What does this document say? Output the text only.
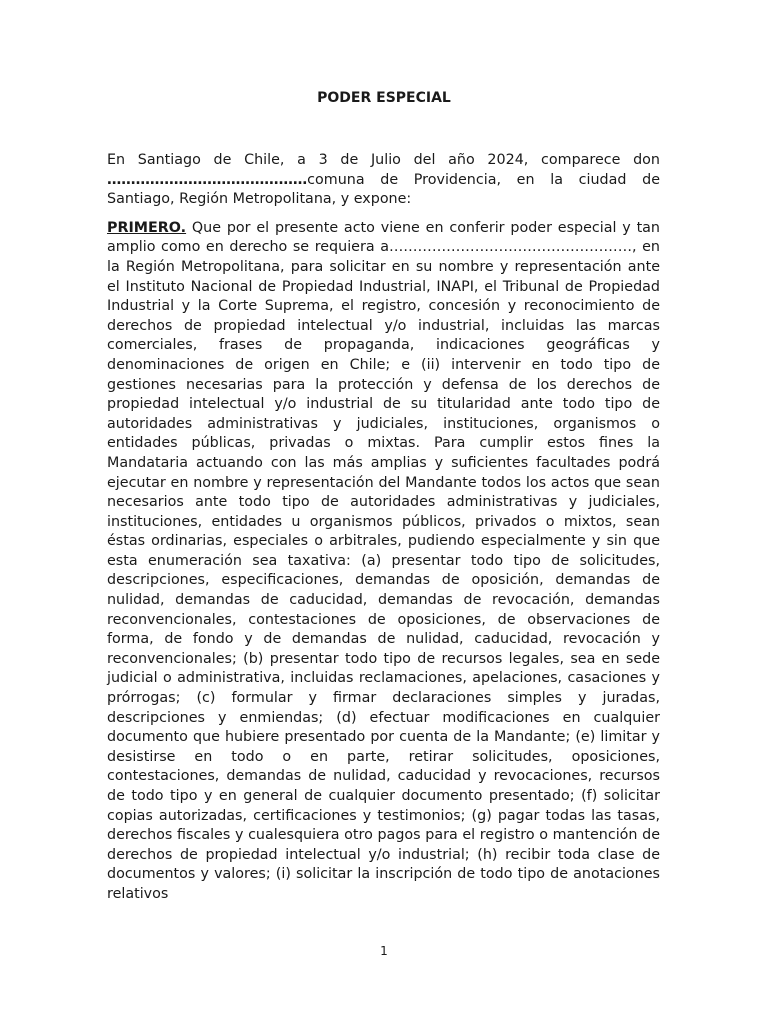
PODER ESPECIAL

En Santiago de Chile, a 3 de Julio del año 2024, comparece don ……………………………………comuna de Providencia, en la ciudad de Santiago, Región Metropolitana, y expone:

PRIMERO. Que por el presente acto viene en conferir poder especial y tan amplio como en derecho se requiera a……………………………………………, en la Región Metropolitana, para solicitar en su nombre y representación ante el Instituto Nacional de Propiedad Industrial, INAPI, el Tribunal de Propiedad Industrial y la Corte Suprema, el registro, concesión y reconocimiento de derechos de propiedad intelectual y/o industrial, incluidas las marcas comerciales, frases de propaganda, indicaciones geográficas y denominaciones de origen en Chile; e (ii) intervenir en todo tipo de gestiones necesarias para la protección y defensa de los derechos de propiedad intelectual y/o industrial de su titularidad ante todo tipo de autoridades administrativas y judiciales, instituciones, organismos o entidades públicas, privadas o mixtas. Para cumplir estos fines la Mandataria actuando con las más amplias y suficientes facultades podrá ejecutar en nombre y representación del Mandante todos los actos que sean necesarios ante todo tipo de autoridades administrativas y judiciales, instituciones, entidades u organismos públicos, privados o mixtos, sean éstas ordinarias, especiales o arbitrales, pudiendo especialmente y sin que esta enumeración sea taxativa: (a) presentar todo tipo de solicitudes, descripciones, especificaciones, demandas de oposición, demandas de nulidad, demandas de caducidad, demandas de revocación, demandas reconvencionales, contestaciones de oposiciones, de observaciones de forma, de fondo y de demandas de nulidad, caducidad, revocación y reconvencionales; (b) presentar todo tipo de recursos legales, sea en sede judicial o administrativa, incluidas reclamaciones, apelaciones, casaciones y prórrogas; (c) formular y firmar declaraciones simples y juradas, descripciones y enmiendas; (d) efectuar modificaciones en cualquier documento que hubiere presentado por cuenta de la Mandante; (e) limitar y desistirse en todo o en parte, retirar solicitudes, oposiciones, contestaciones, demandas de nulidad, caducidad y revocaciones, recursos de todo tipo y en general de cualquier documento presentado; (f) solicitar copias autorizadas, certificaciones y testimonios; (g) pagar todas las tasas, derechos fiscales y cualesquiera otro pagos para el registro o mantención de derechos de propiedad intelectual y/o industrial; (h) recibir toda clase de documentos y valores; (i) solicitar la inscripción de todo tipo de anotaciones relativos

1
